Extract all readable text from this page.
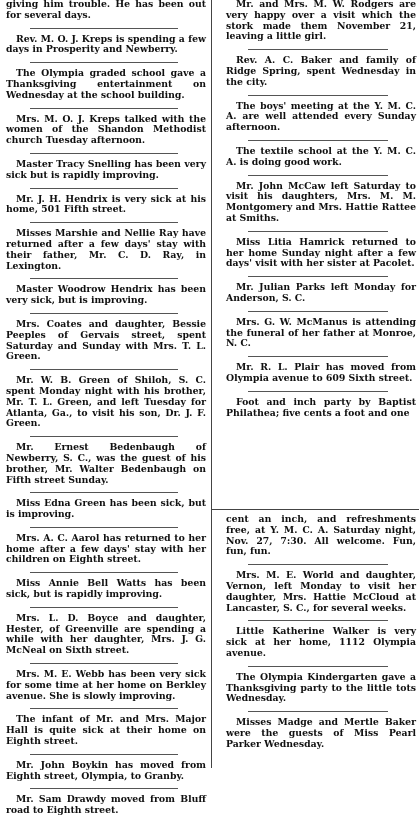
giving him trouble. He has been out for several days.
Rev. M. O. J. Kreps is spending a few days in Prosperity and Newberry.
The Olympia graded school gave a Thanksgiving entertainment on Wednesday at the school building.
Mrs. M. O. J. Kreps talked with the women of the Shandon Methodist church Tuesday afternoon.
Master Tracy Snelling has been very sick but is rapidly improving.
Mr. J. H. Hendrix is very sick at his home, 501 Fifth street.
Misses Marshie and Nellie Ray have returned after a few days' stay with their father, Mr. C. D. Ray, in Lexington.
Master Woodrow Hendrix has been very sick, but is improving.
Mrs. Coates and daughter, Bessie Peeples of Gervais street, spent Saturday and Sunday with Mrs. T. L. Green.
Mr. W. B. Green of Shiloh, S. C. spent Monday night with his brother, Mr. T. L. Green, and left Tuesday for Atlanta, Ga., to visit his son, Dr. J. F. Green.
Mr. Ernest Bedenbaugh of Newberry, S. C., was the guest of his brother, Mr. Walter Bedenbaugh on Fifth street Sunday.
Miss Edna Green has been sick, but is improving.
Mrs. A. C. Aarol has returned to her home after a few days' stay with her children on Eighth street.
Miss Annie Bell Watts has been sick, but is rapidly improving.
Mrs. L. D. Boyce and daughter, Hester, of Greenville are spending a while with her daughter, Mrs. J. G. McNeal on Sixth street.
Mrs. M. E. Webb has been very sick for some time at her home on Berkley avenue. She is slowly improving.
The infant of Mr. and Mrs. Major Hall is quite sick at their home on Eighth street.
Mr. John Boykin has moved from Eighth street, Olympia, to Granby.
Mr. Sam Drawdy moved from Bluff road to Eighth street.
Mr. and Mrs. M. W. Rodgers are very happy over a visit which the stork made them November 21, leaving a little girl.
Rev. A. C. Baker and family of Ridge Spring, spent Wednesday in the city.
The boys' meeting at the Y. M. C. A. are well attended every Sunday afternoon.
The textile school at the Y. M. C. A. is doing good work.
Mr. John McCaw left Saturday to visit his daughters, Mrs. M. M. Montgomery and Mrs. Hattie Rattee at Smiths.
Miss Litia Hamrick returned to her home Sunday night after a few days' visit with her sister at Pacolet.
Mr. Julian Parks left Monday for Anderson, S. C.
Mrs. G. W. McManus is attending the funeral of her father at Monroe, N. C.
Mr. R. L. Plair has moved from Olympia avenue to 609 Sixth street.
Foot and inch party by Baptist Philathea; five cents a foot and one
cent an inch, and refreshments free, at Y. M. C. A. Saturday night, Nov. 27, 7:30. All welcome. Fun, fun, fun.
Mrs. M. E. World and daughter, Vernon, left Monday to visit her daughter, Mrs. Hattie McCloud at Lancaster, S. C., for several weeks.
Little Katherine Walker is very sick at her home, 1112 Olympia avenue.
The Olympia Kindergarten gave a Thanksgiving party to the little tots Wednesday.
Misses Madge and Mertle Baker were the guests of Miss Pearl Parker Wednesday.
